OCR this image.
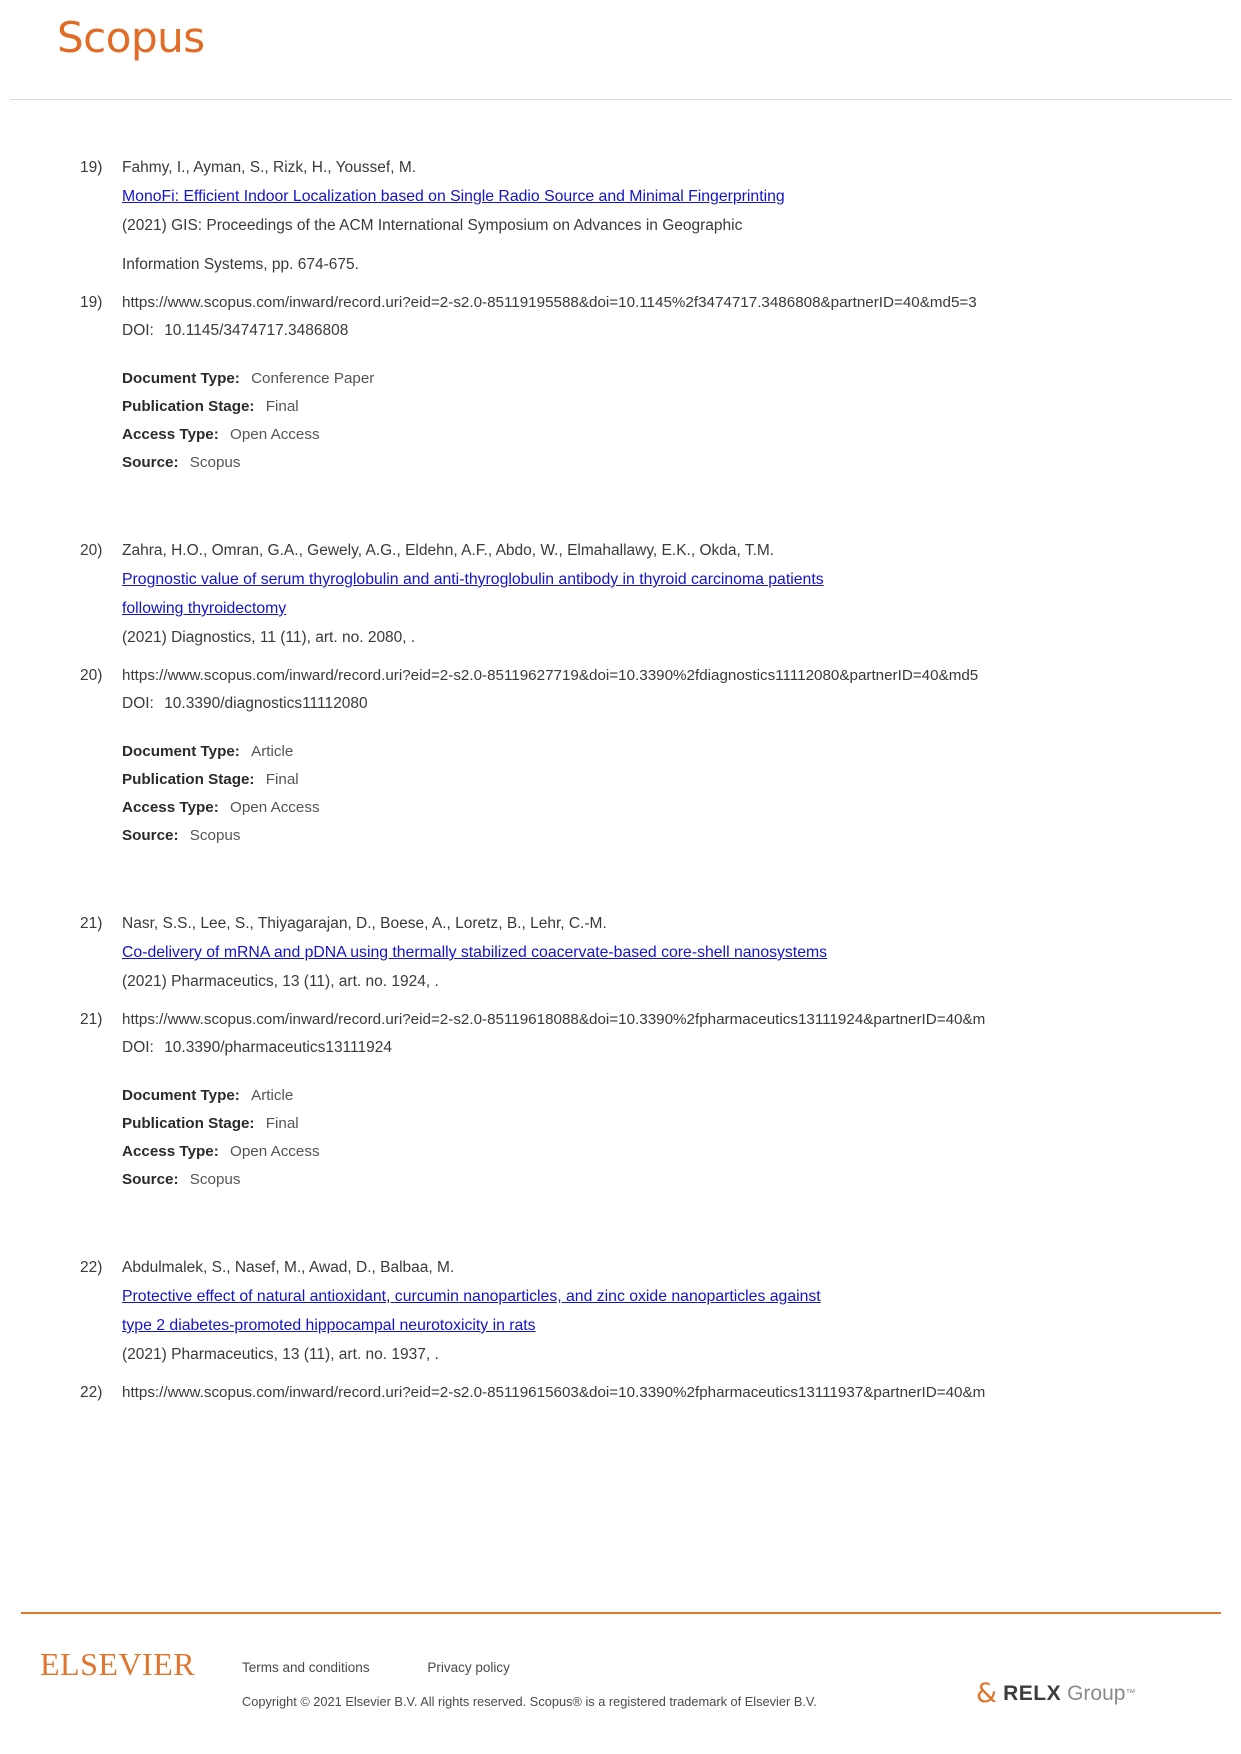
Scopus
19)	Fahmy, I., Ayman, S., Rizk, H., Youssef, M.
MonoFi: Efficient Indoor Localization based on Single Radio Source and Minimal Fingerprinting
(2021) GIS: Proceedings of the ACM International Symposium on Advances in Geographic
Information Systems, pp. 674-675.
19)	https://www.scopus.com/inward/record.uri?eid=2-s2.0-85119195588&doi=10.1145%2f3474717.3486808&partnerID=40&md5=3
DOI: 10.1145/3474717.3486808
Document Type: Conference Paper
Publication Stage: Final
Access Type: Open Access
Source: Scopus
20)	Zahra, H.O., Omran, G.A., Gewely, A.G., Eldehn, A.F., Abdo, W., Elmahallawy, E.K., Okda, T.M.
Prognostic value of serum thyroglobulin and anti-thyroglobulin antibody in thyroid carcinoma patients
following thyroidectomy
(2021) Diagnostics, 11 (11), art. no. 2080, .
20)	https://www.scopus.com/inward/record.uri?eid=2-s2.0-85119627719&doi=10.3390%2fdiagnostics11112080&partnerID=40&md5
DOI: 10.3390/diagnostics11112080
Document Type: Article
Publication Stage: Final
Access Type: Open Access
Source: Scopus
21)	Nasr, S.S., Lee, S., Thiyagarajan, D., Boese, A., Loretz, B., Lehr, C.-M.
Co-delivery of mRNA and pDNA using thermally stabilized coacervate-based core-shell nanosystems
(2021) Pharmaceutics, 13 (11), art. no. 1924, .
21)	https://www.scopus.com/inward/record.uri?eid=2-s2.0-85119618088&doi=10.3390%2fpharmaceutics13111924&partnerID=40&m
DOI: 10.3390/pharmaceutics13111924
Document Type: Article
Publication Stage: Final
Access Type: Open Access
Source: Scopus
22)	Abdulmalek, S., Nasef, M., Awad, D., Balbaa, M.
Protective effect of natural antioxidant, curcumin nanoparticles, and zinc oxide nanoparticles against
type 2 diabetes-promoted hippocampal neurotoxicity in rats
(2021) Pharmaceutics, 13 (11), art. no. 1937, .
22)	https://www.scopus.com/inward/record.uri?eid=2-s2.0-85119615603&doi=10.3390%2fpharmaceutics13111937&partnerID=40&m
ELSEVIER	Terms and conditions	Privacy policy
Copyright © 2021 Elsevier B.V. All rights reserved. Scopus® is a registered trademark of Elsevier B.V.	& RELX Group ™
